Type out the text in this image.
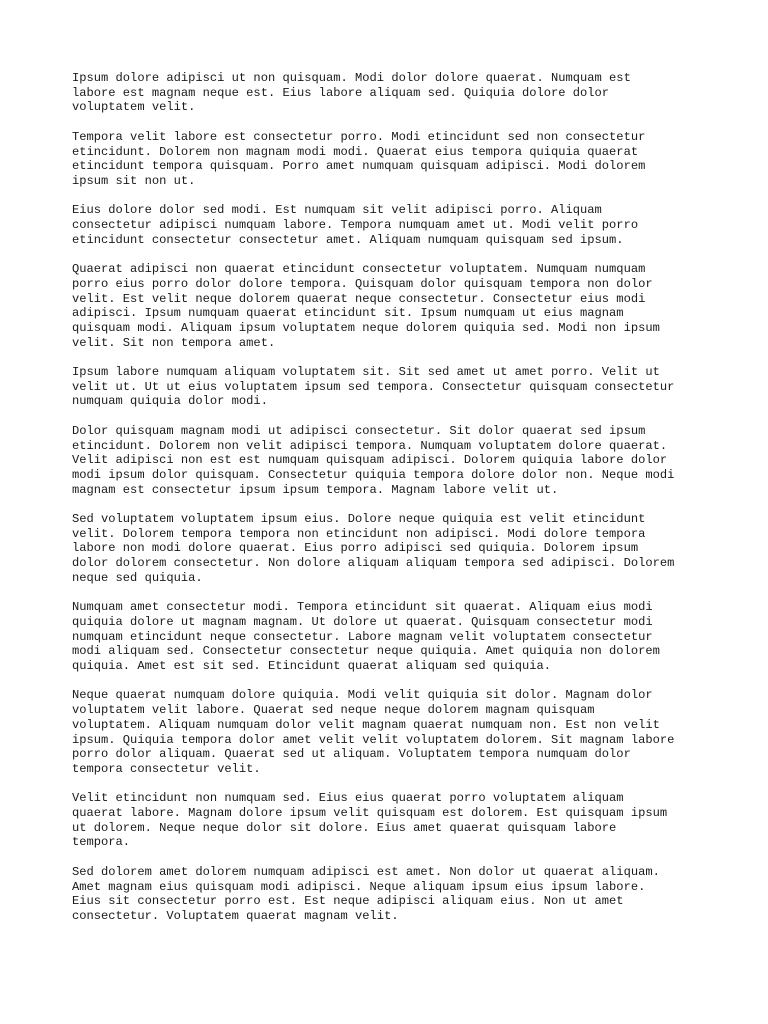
Ipsum dolore adipisci ut non quisquam. Modi dolor dolore quaerat. Numquam est
labore est magnam neque est. Eius labore aliquam sed. Quiquia dolore dolor
voluptatem velit.

Tempora velit labore est consectetur porro. Modi etincidunt sed non consectetur
etincidunt. Dolorem non magnam modi modi. Quaerat eius tempora quiquia quaerat
etincidunt tempora quisquam. Porro amet numquam quisquam adipisci. Modi dolorem
ipsum sit non ut.

Eius dolore dolor sed modi. Est numquam sit velit adipisci porro. Aliquam
consectetur adipisci numquam labore. Tempora numquam amet ut. Modi velit porro
etincidunt consectetur consectetur amet. Aliquam numquam quisquam sed ipsum.

Quaerat adipisci non quaerat etincidunt consectetur voluptatem. Numquam numquam
porro eius porro dolor dolore tempora. Quisquam dolor quisquam tempora non dolor
velit. Est velit neque dolorem quaerat neque consectetur. Consectetur eius modi
adipisci. Ipsum numquam quaerat etincidunt sit. Ipsum numquam ut eius magnam
quisquam modi. Aliquam ipsum voluptatem neque dolorem quiquia sed. Modi non ipsum
velit. Sit non tempora amet.

Ipsum labore numquam aliquam voluptatem sit. Sit sed amet ut amet porro. Velit ut
velit ut. Ut ut eius voluptatem ipsum sed tempora. Consectetur quisquam consectetur
numquam quiquia dolor modi.

Dolor quisquam magnam modi ut adipisci consectetur. Sit dolor quaerat sed ipsum
etincidunt. Dolorem non velit adipisci tempora. Numquam voluptatem dolore quaerat.
Velit adipisci non est est numquam quisquam adipisci. Dolorem quiquia labore dolor
modi ipsum dolor quisquam. Consectetur quiquia tempora dolore dolor non. Neque modi
magnam est consectetur ipsum ipsum tempora. Magnam labore velit ut.

Sed voluptatem voluptatem ipsum eius. Dolore neque quiquia est velit etincidunt
velit. Dolorem tempora tempora non etincidunt non adipisci. Modi dolore tempora
labore non modi dolore quaerat. Eius porro adipisci sed quiquia. Dolorem ipsum
dolor dolorem consectetur. Non dolore aliquam aliquam tempora sed adipisci. Dolorem
neque sed quiquia.

Numquam amet consectetur modi. Tempora etincidunt sit quaerat. Aliquam eius modi
quiquia dolore ut magnam magnam. Ut dolore ut quaerat. Quisquam consectetur modi
numquam etincidunt neque consectetur. Labore magnam velit voluptatem consectetur
modi aliquam sed. Consectetur consectetur neque quiquia. Amet quiquia non dolorem
quiquia. Amet est sit sed. Etincidunt quaerat aliquam sed quiquia.

Neque quaerat numquam dolore quiquia. Modi velit quiquia sit dolor. Magnam dolor
voluptatem velit labore. Quaerat sed neque neque dolorem magnam quisquam
voluptatem. Aliquam numquam dolor velit magnam quaerat numquam non. Est non velit
ipsum. Quiquia tempora dolor amet velit velit voluptatem dolorem. Sit magnam labore
porro dolor aliquam. Quaerat sed ut aliquam. Voluptatem tempora numquam dolor
tempora consectetur velit.

Velit etincidunt non numquam sed. Eius eius quaerat porro voluptatem aliquam
quaerat labore. Magnam dolore ipsum velit quisquam est dolorem. Est quisquam ipsum
ut dolorem. Neque neque dolor sit dolore. Eius amet quaerat quisquam labore
tempora.

Sed dolorem amet dolorem numquam adipisci est amet. Non dolor ut quaerat aliquam.
Amet magnam eius quisquam modi adipisci. Neque aliquam ipsum eius ipsum labore.
Eius sit consectetur porro est. Est neque adipisci aliquam eius. Non ut amet
consectetur. Voluptatem quaerat magnam velit.
